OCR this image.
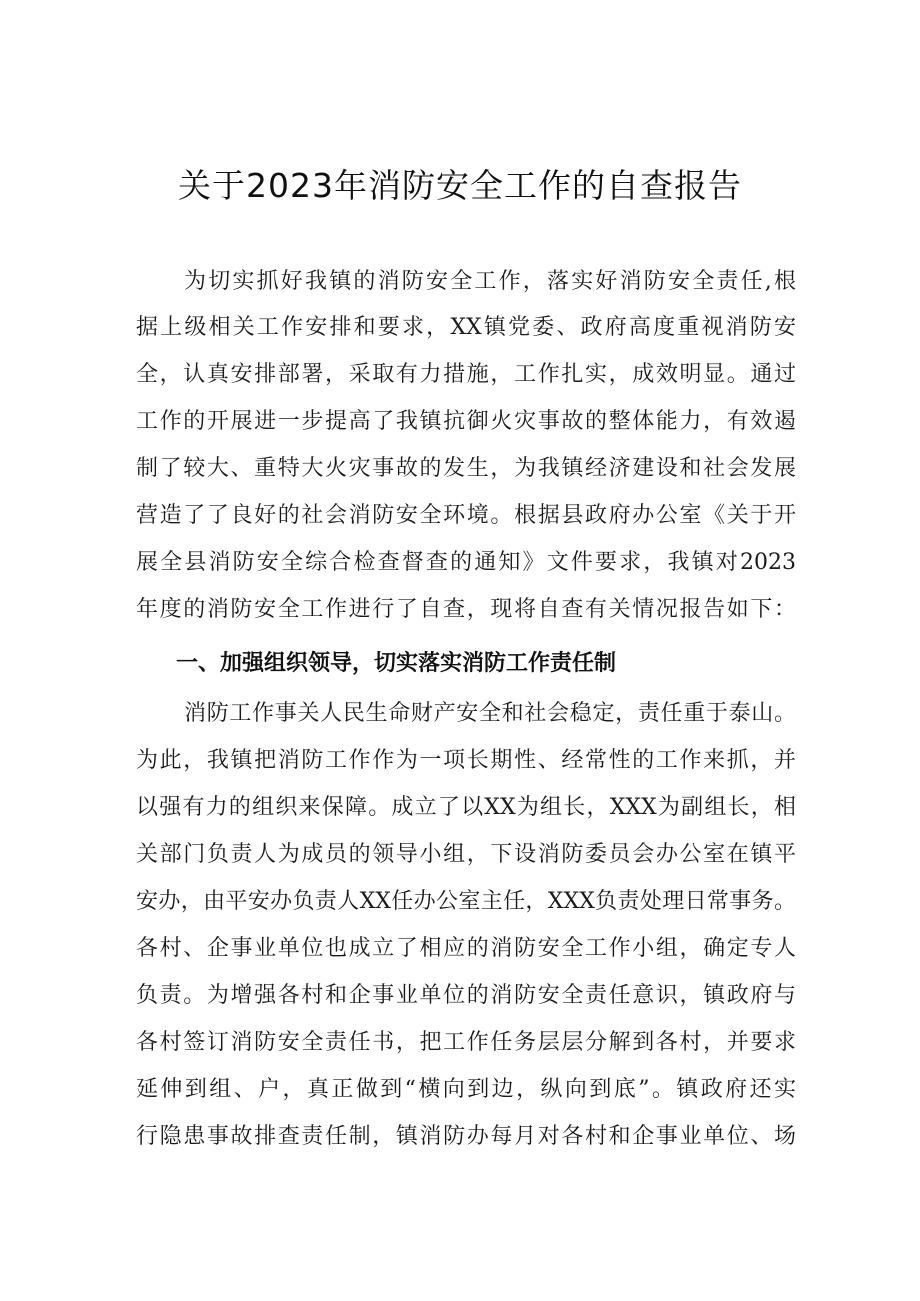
关于2023年消防安全工作的自查报告

为切实抓好我镇的消防安全工作，落实好消防安全责任,根

据上级相关工作安排和要求，XX镇党委、政府高度重视消防安

全，认真安排部署，采取有力措施，工作扎实，成效明显。通过

工作的开展进一步提高了我镇抗御火灾事故的整体能力，有效遏

制了较大、重特大火灾事故的发生，为我镇经济建设和社会发展

营造了了良好的社会消防安全环境。根据县政府办公室《关于开

展全县消防安全综合检查督查的通知》文件要求，我镇对2023

年度的消防安全工作进行了自查，现将自查有关情况报告如下：

一、加强组织领导，切实落实消防工作责任制

消防工作事关人民生命财产安全和社会稳定，责任重于泰山。

为此，我镇把消防工作作为一项长期性、经常性的工作来抓，并

以强有力的组织来保障。成立了以XX为组长，XXX为副组长，相

关部门负责人为成员的领导小组，下设消防委员会办公室在镇平

安办，由平安办负责人XX任办公室主任，XXX负责处理日常事务。

各村、企事业单位也成立了相应的消防安全工作小组，确定专人

负责。为增强各村和企事业单位的消防安全责任意识，镇政府与

各村签订消防安全责任书，把工作任务层层分解到各村，并要求

延伸到组、户，真正做到“横向到边，纵向到底”。镇政府还实

行隐患事故排查责任制，镇消防办每月对各村和企事业单位、场
